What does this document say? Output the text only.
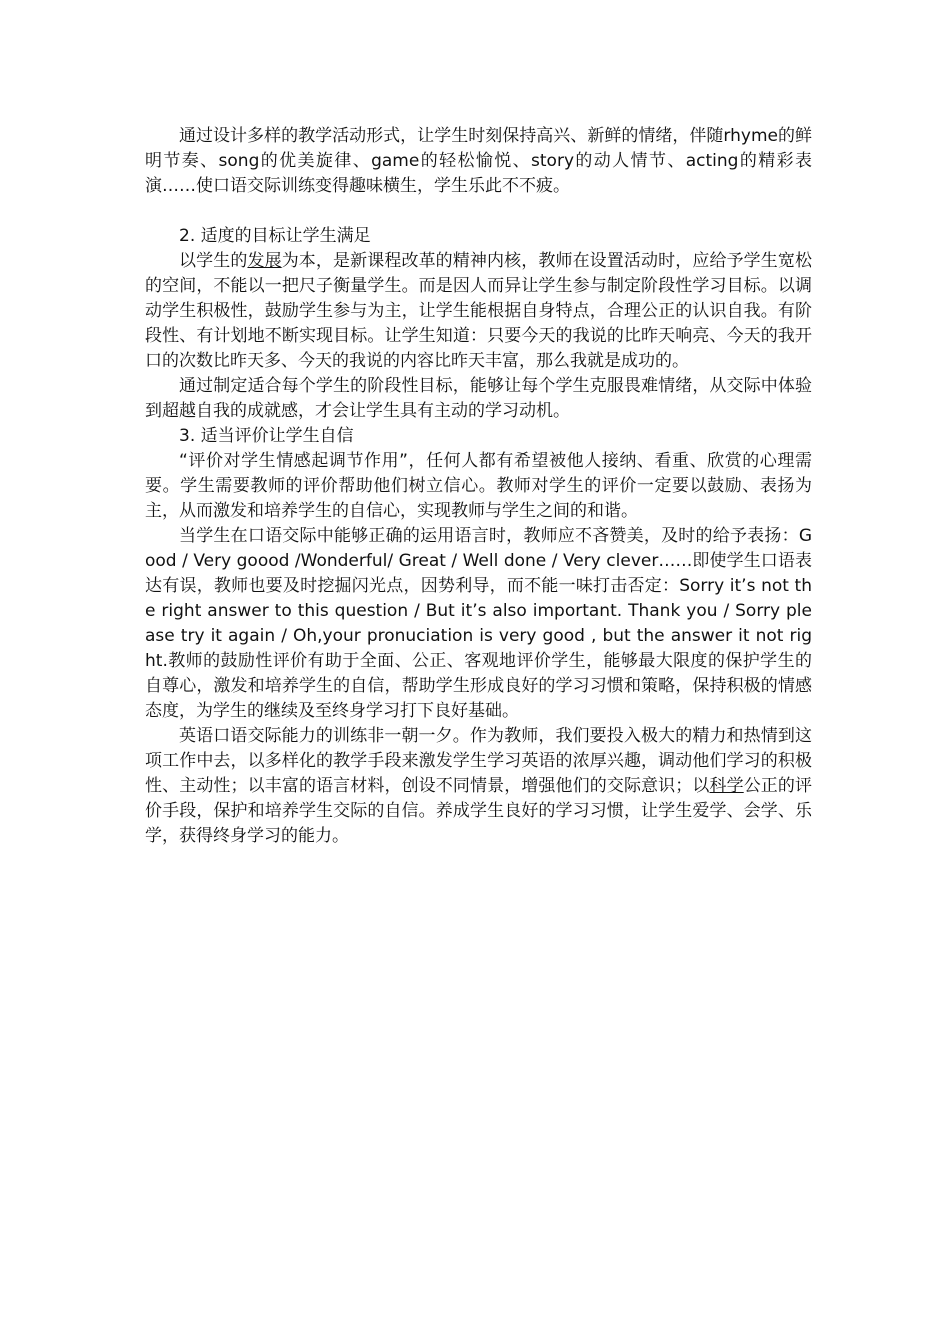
通过设计多样的教学活动形式，让学生时刻保持高兴、新鲜的情绪，伴随rhyme的鲜明节奏、song的优美旋律、game的轻松愉悦、story的动人情节、acting的精彩表演……使口语交际训练变得趣味横生，学生乐此不不疲。

2. 适度的目标让学生满足

以学生的发展为本，是新课程改革的精神内核，教师在设置活动时，应给予学生宽松的空间，不能以一把尺子衡量学生。而是因人而异让学生参与制定阶段性学习目标。以调动学生积极性，鼓励学生参与为主，让学生能根据自身特点，合理公正的认识自我。有阶段性、有计划地不断实现目标。让学生知道：只要今天的我说的比昨天响亮、今天的我开口的次数比昨天多、今天的我说的内容比昨天丰富，那么我就是成功的。

通过制定适合每个学生的阶段性目标，能够让每个学生克服畏难情绪，从交际中体验到超越自我的成就感，才会让学生具有主动的学习动机。

3. 适当评价让学生自信

“评价对学生情感起调节作用”，任何人都有希望被他人接纳、看重、欣赏的心理需要。学生需要教师的评价帮助他们树立信心。教师对学生的评价一定要以鼓励、表扬为主，从而激发和培养学生的自信心，实现教师与学生之间的和谐。

当学生在口语交际中能够正确的运用语言时，教师应不吝赞美，及时的给予表扬：Good / Very goood /Wonderful/ Great / Well done / Very clever……即使学生口语表达有误，教师也要及时挖掘闪光点，因势利导，而不能一味打击否定：Sorry it’s not the right answer to this question / But it’s also important. Thank you / Sorry please try it again / Oh,your pronuciation is very good , but the answer it not right.教师的鼓励性评价有助于全面、公正、客观地评价学生，能够最大限度的保护学生的自尊心，激发和培养学生的自信，帮助学生形成良好的学习习惯和策略，保持积极的情感态度，为学生的继续及至终身学习打下良好基础。

英语口语交际能力的训练非一朝一夕。作为教师，我们要投入极大的精力和热情到这项工作中去，以多样化的教学手段来激发学生学习英语的浓厚兴趣，调动他们学习的积极性、主动性；以丰富的语言材料，创设不同情景，增强他们的交际意识；以科学公正的评价手段，保护和培养学生交际的自信。养成学生良好的学习习惯，让学生爱学、会学、乐学，获得终身学习的能力。
